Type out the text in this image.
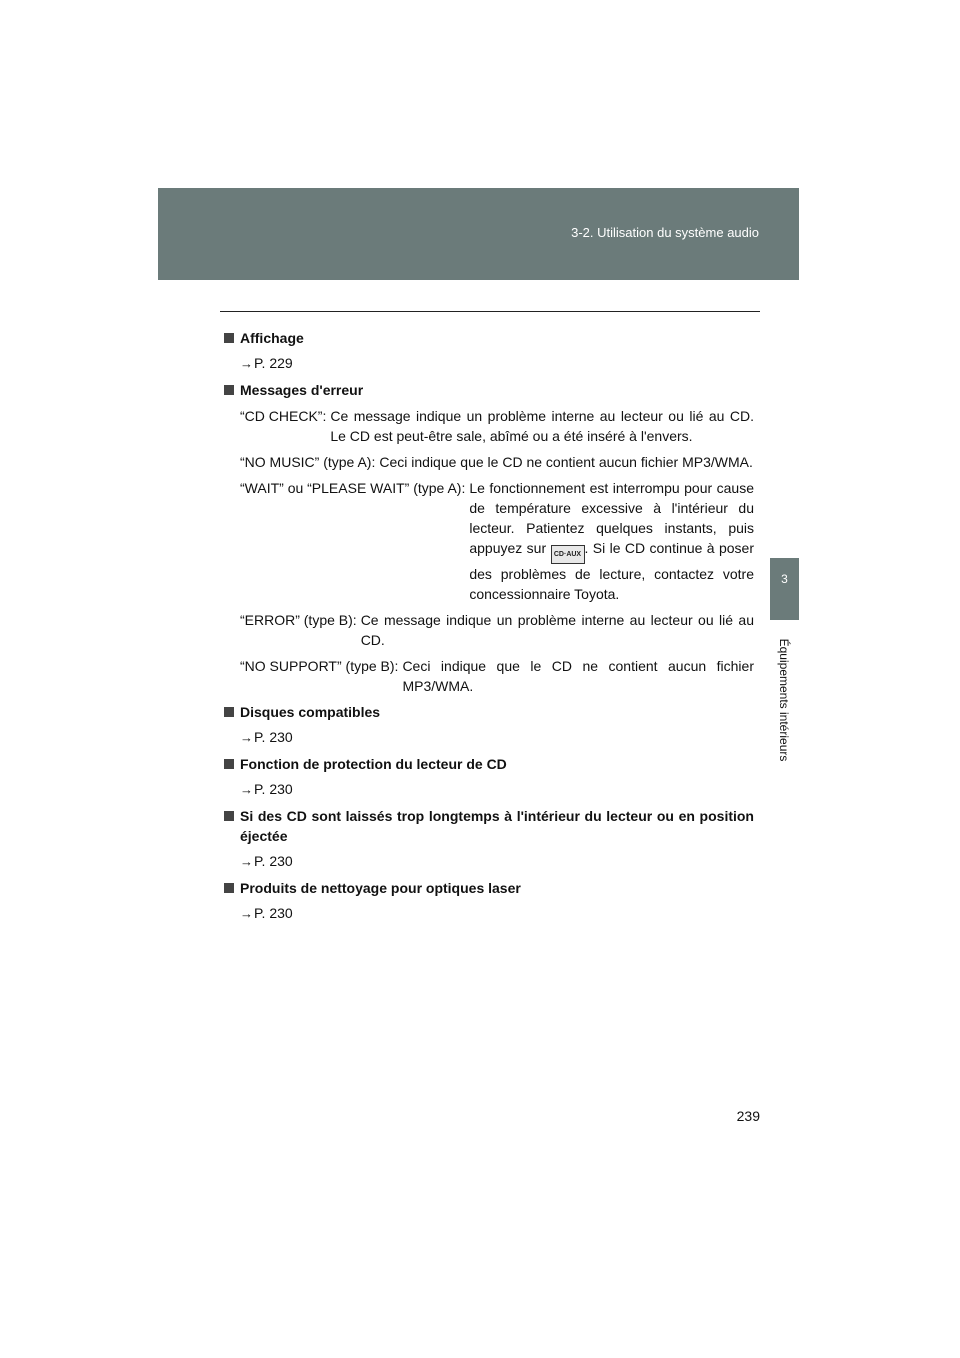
3-2. Utilisation du système audio
3
Équipements intérieurs
Affichage
→P. 229
Messages d'erreur
“CD CHECK”: Ce message indique un problème interne au lecteur ou lié au CD. Le CD est peut-être sale, abîmé ou a été inséré à l'envers.
“NO MUSIC” (type A): Ceci indique que le CD ne contient aucun fichier MP3/WMA.
“WAIT” ou “PLEASE WAIT” (type A): Le fonctionnement est interrompu pour cause de température excessive à l'intérieur du lecteur. Patientez quelques instants, puis appuyez sur CD·AUX . Si le CD continue à poser des problèmes de lecture, contactez votre concessionnaire Toyota.
“ERROR” (type B): Ce message indique un problème interne au lecteur ou lié au CD.
“NO SUPPORT” (type B): Ceci indique que le CD ne contient aucun fichier MP3/WMA.
Disques compatibles
→P. 230
Fonction de protection du lecteur de CD
→P. 230
Si des CD sont laissés trop longtemps à l'intérieur du lecteur ou en position éjectée
→P. 230
Produits de nettoyage pour optiques laser
→P. 230
239
